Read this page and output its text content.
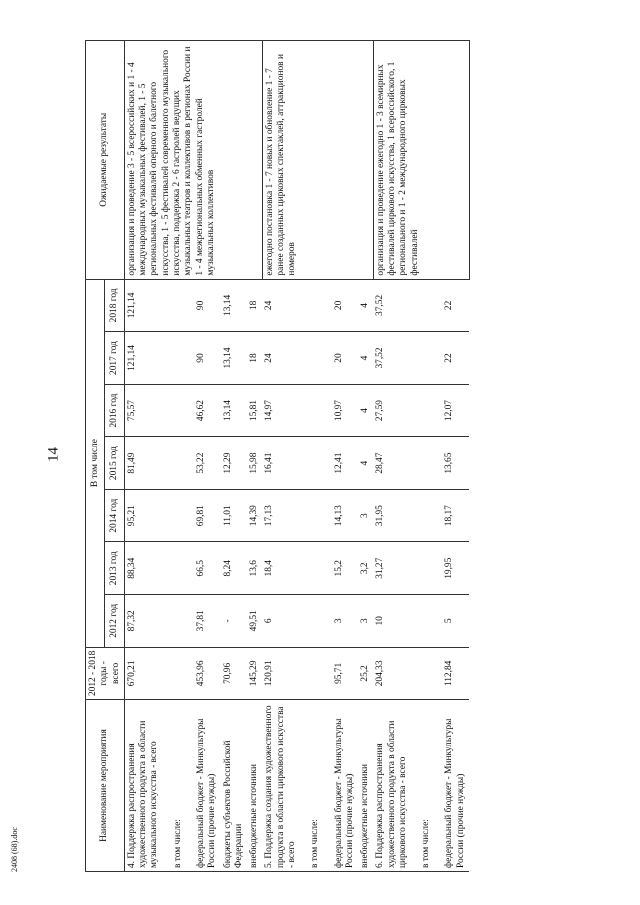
14
2408 (68).doc
Наименование мероприятия	2012 - 2018 годы - всего	В том числе							Ожидаемые результаты
		2012 год	2013 год	2014 год	2015 год	2016 год	2017 год	2018 год	
4. Поддержка распространения художественного продукта в области музыкального искусства - всего	670,21	87,32	88,34	95,21	81,49	75,57	121,14	121,14	организация и проведение 3 - 5 всероссийских и 1 - 4 международных музыкальных фестивалей, 1 - 5 региональных фестивалей оперного и балетного искусства, 1 - 5 фестивалей современного музыкального искусства, поддержка 2 - 6 гастролей ведущих музыкальных театров и коллективов в регионах России и 1 - 4 межрегиональных обменных гастролей музыкальных коллективов
в том числе:									
федеральный бюджет - Минкультуры России (прочие нужды)	453,96	37,81	66,5	69,81	53,22	46,62	90	90	
бюджеты субъектов Российской Федерации	70,96	-	8,24	11,01	12,29	13,14	13,14	13,14	
внебюджетные источники	145,29	49,51	13,6	14,39	15,98	15,81	18	18	
5. Поддержка создания художественного продукта в области циркового искусства - всего	120,91	6	18,4	17,13	16,41	14,97	24	24	ежегодно постановка 1 - 7 новых и обновление 1 - 7 ранее созданных цирковых спектаклей, аттракционов и номеров
в том числе:									
федеральный бюджет - Минкультуры России (прочие нужды)	95,71	3	15,2	14,13	12,41	10,97	20	20	
внебюджетные источники	25,2	3	3,2	3	4	4	4	4	
6. Поддержка распространения художественного продукта в области циркового искусства - всего	204,33	10	31,27	31,95	28,47	27,59	37,52	37,52	организация и проведение ежегодно 1 - 3 всемирных фестивалей циркового искусства, 1 всероссийского, 1 регионального и 1 - 2 международного цирковых фестивалей
в том числе:									
федеральный бюджет - Минкультуры России (прочие нужды)	112,84	5	19,95	18,17	13,65	12,07	22	22	
